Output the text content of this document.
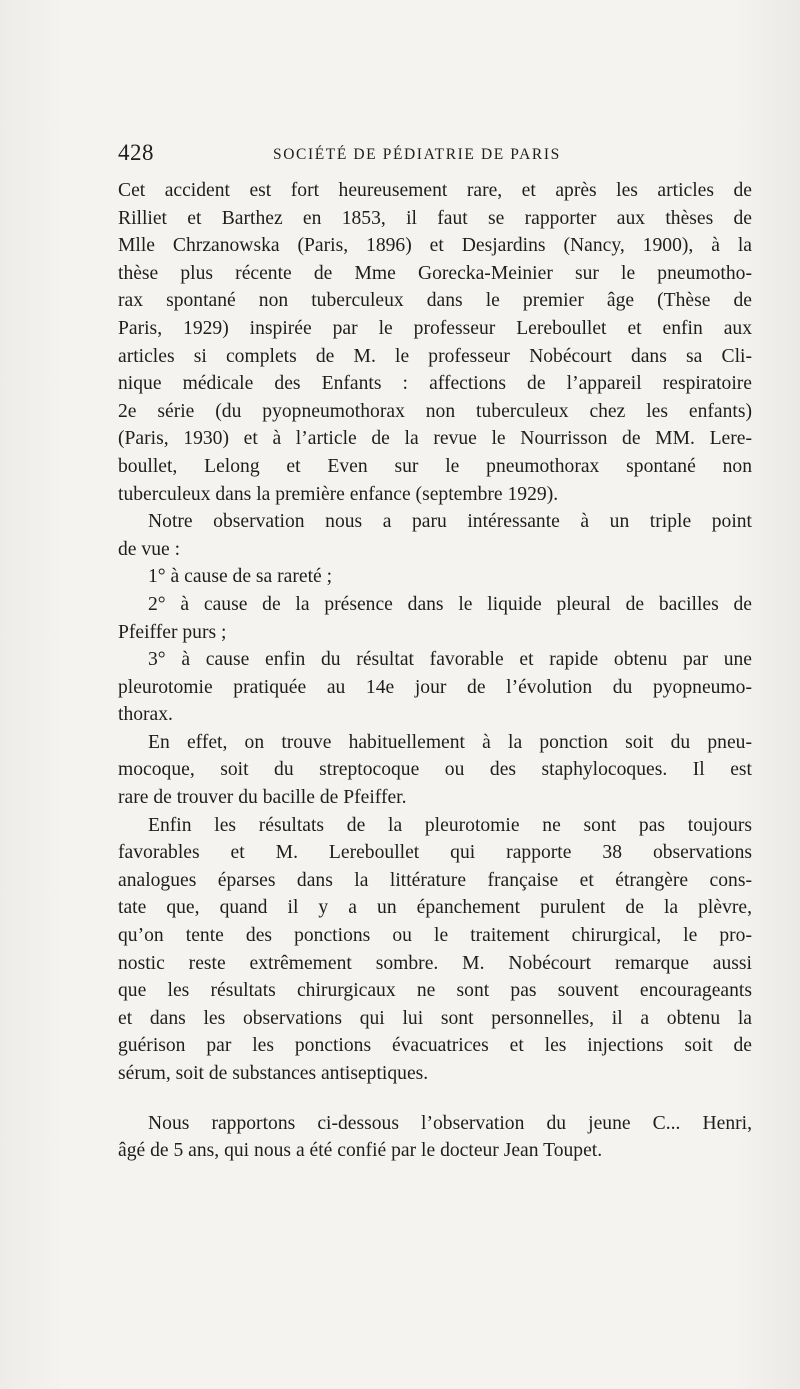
428	SOCIÉTÉ DE PÉDIATRIE DE PARIS
Cet accident est fort heureusement rare, et après les articles de
Rilliet et Barthez en 1853, il faut se rapporter aux thèses de
Mlle Chrzanowska (Paris, 1896) et Desjardins (Nancy, 1900), à la
thèse plus récente de Mme Gorecka-Meinier sur le pneumotho-
rax spontané non tuberculeux dans le premier âge (Thèse de
Paris, 1929) inspirée par le professeur Lereboullet et enfin aux
articles si complets de M. le professeur Nobécourt dans sa Cli-
nique médicale des Enfants : affections de l’appareil respiratoire
2e série (du pyopneumothorax non tuberculeux chez les enfants)
(Paris, 1930) et à l’article de la revue le Nourrisson de MM. Lere-
boullet, Lelong et Even sur le pneumothorax spontané non
tuberculeux dans la première enfance (septembre 1929).
Notre observation nous a paru intéressante à un triple point
de vue :
1° à cause de sa rareté ;
2° à cause de la présence dans le liquide pleural de bacilles de
Pfeiffer purs ;
3° à cause enfin du résultat favorable et rapide obtenu par une
pleurotomie pratiquée au 14e jour de l’évolution du pyopneumo-
thorax.
En effet, on trouve habituellement à la ponction soit du pneu-
mocoque, soit du streptocoque ou des staphylocoques. Il est
rare de trouver du bacille de Pfeiffer.
Enfin les résultats de la pleurotomie ne sont pas toujours
favorables et M. Lereboullet qui rapporte 38 observations
analogues éparses dans la littérature française et étrangère cons-
tate que, quand il y a un épanchement purulent de la plèvre,
qu’on tente des ponctions ou le traitement chirurgical, le pro-
nostic reste extrêmement sombre. M. Nobécourt remarque aussi
que les résultats chirurgicaux ne sont pas souvent encourageants
et dans les observations qui lui sont personnelles, il a obtenu la
guérison par les ponctions évacuatrices et les injections soit de
sérum, soit de substances antiseptiques.
Nous rapportons ci-dessous l’observation du jeune C... Henri,
âgé de 5 ans, qui nous a été confié par le docteur Jean Toupet.
